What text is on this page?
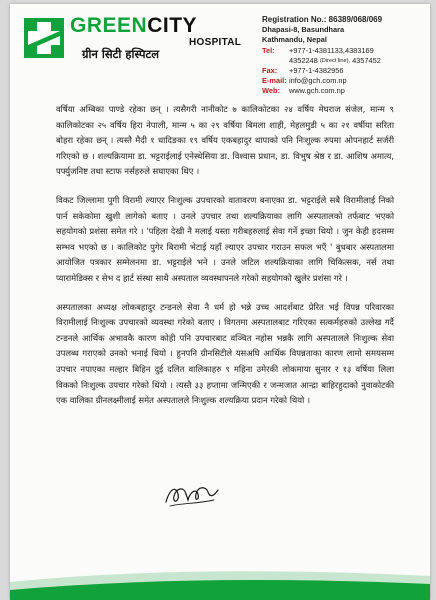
GREENCITY
HOSPITAL
ग्रीन सिटी हस्पिटल
Registration No.: 86389/068/069
Dhapasi-8, Basundhara
Kathmandu, Nepal
Tel:	+977-1-4381133,4383169
4352248
(Direct line),
4357452
Fax:	+977-1-4382956
E-mail: info@gch.com.np
Web:	www.gch.com.np

वर्षिया अम्बिका पाण्डे रहेका छन् । त्यसैगरी नानीकोट ७ कालिकोटका २४ वर्षिय मेघराज संजेल, मान्म ९ कालिकोटका २५ वर्षिय हिरा नेपाली, मान्म ५ का २९ वर्षिया बिमला शाही, मेहलमुडी ५ का २१ वर्षीया सरिता बोहरा रहेका छन् । त्यस्तै मैदी १ धादिङका १९ वर्षिय एकबहादुर थापाको पनि निःशुल्क रुपमा ओपनहार्ट सर्जरी गरिएको छ । शल्यक्रियामा डा. भट्टराईलाई एनेस्थेसिया डा. विश्वास प्रधान, डा. विभुष श्रेष्ठ र डा. आशिष अमात्य, पर्फ्युजनिष्ट तथा स्टाफ नर्सहरुले सघाएका थिए ।

विकट जिल्लामा पुगी विरामी ल्याएर निःशुल्क उपचारको वातावरण बनाएका डा. भट्टराईले सबै विरामीलाई निको पार्न सकेकोमा खुशी लागेको बताए । उनले उपचार तथा शल्यक्रियाका लागि अस्पतालको तर्फबाट भएको सहयोगको प्रशंसा समेत गरे । 'पहिला देखी नै मलाई यस्ता गरीबहरुलाई सेवा गर्ने इच्छा थियो । जुन केही हदसम्म सम्भव भएको छ । कालिकोट पुगेर बिरामी भेटाई यहाँ ल्याएर उपचार गराउन सफल भएँ ' बुधबार अस्पतालमा आयोजित पत्रकार सम्मेलनमा डा. भट्टराईले भने । उनले जटिल शल्यक्रियाका लागि चिकित्सक, नर्स तथा प्यारामेडिक्स र सेभ द हार्ट संस्था साथै अस्पताल व्यवस्थापनले गरेको सहयोगको खुलेर प्रशंसा गरे ।

अस्पतालका अध्यक्ष लोकबहादुर टन्डनले सेवा नै धर्म हो भन्ने उच्च आदर्शबाट प्रेरित भई विपन्न परिवारका विरामीलाई निःशुल्क उपचारको व्यवस्था गरेको बताए । विगतमा अस्पतालबाट गरिएका सत्कर्महरुको उल्लेख गर्दै टन्डनले आर्थिक अभावकै कारण कोही पनि उपचारबाट वञ्चित नहोस भन्नकै लागि अस्पतालले निःशुल्क सेवा उपलब्ध गराएको उनको भनाई थियो । हुनपनि ग्रीनसिटीले यसअघि आर्थिक विपन्नताका कारण लामो समयसम्म उपचार नपाएका मल्हार बिहिन दुई दलित वालिकाहरु ९ महिना उमेरकी लोकमाया सुनार र १३ वर्षिया लिला विकको निःशुल्क उपचार गरेको थियो । त्यस्तै ३३ हप्तामा जन्मिएकी र जन्मजात आन्द्रा बाहिरहुदाको नुवाकोटकी एक वालिका ग्रीनलक्ष्मीलाई समेत अस्पतालले निःशुल्क शल्यक्रिया प्रदान गरेको थियो ।
